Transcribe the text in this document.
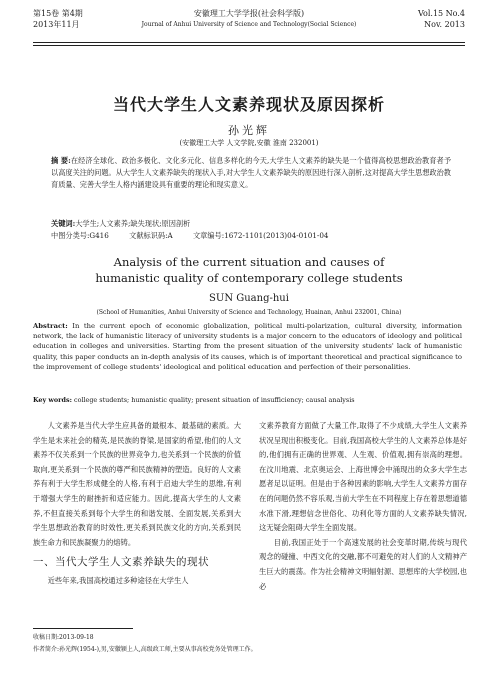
第15卷 第4期
2013年11月
安徽理工大学学报(社会科学版)
Journal of Anhui University of Science and Technology(Social Science)
Vol.15 No.4
Nov. 2013
当代大学生人文素养现状及原因探析
孙光辉
(安徽理工大学 人文学院,安徽 淮南 232001)
摘 要:在经济全球化、政治多极化、文化多元化、信息多样化的今天,大学生人文素养的缺失是一个值得高校思想政治教育者予以高度关注的问题。从大学生人文素养缺失的现状入手,对大学生人文素养缺失的原因进行深入剖析,这对提高大学生思想政治教育质量、完善大学生人格内涵建设具有重要的理论和现实意义。
关键词:大学生;人文素养;缺失现状;原因剖析
中图分类号:G416	文献标识码:A	文章编号:1672-1101(2013)04-0101-04
Analysis of the current situation and causes of
humanistic quality of contemporary college students
SUN Guang-hui
(School of Humanities, Anhui University of Science and Technology, Huainan, Anhui 232001, China)
Abstract: In the current epoch of economic globalization, political multi-polarization, cultural diversity, information network, the lack of humanistic literacy of university students is a major concern to the educators of ideology and political education in colleges and universities. Starting from the present situation of the university students' lack of humanistic quality, this paper conducts an in-depth analysis of its causes, which is of important theoretical and practical significance to the improvement of college students' ideological and political education and perfection of their personalities.
Key words: college students; humanistic quality; present situation of insufficiency; causal analysis

人文素养是当代大学生应具备的最根本、最基础的素质。大学生是未来社会的精英,是民族的脊梁,是国家的希望,他们的人文素养不仅关系到一个民族的世界竞争力,也关系到一个民族的价值取向,更关系到一个民族的尊严和民族精神的塑造。良好的人文素养有利于大学生形成健全的人格,有利于启迪大学生的思维,有利于增强大学生的耐挫折和适应能力。因此,提高大学生的人文素养,不但直接关系到每个大学生的和谐发展、全面发展,关系到大学生思想政治教育的时效性,更关系到民族文化的方向,关系到民族生命力和民族凝聚力的熔铸。

一、当代大学生人文素养缺失的现状

近些年来,我国高校通过多种途径在大学生人

文素养教育方面做了大量工作,取得了不少成绩,大学生人文素养状况呈现出积极变化。目前,我国高校大学生的人文素养总体是好的,他们拥有正确的世界观、人生观、价值观,拥有崇高的理想。在汶川地震、北京奥运会、上海世博会中涌现出的众多大学生志愿者足以证明。但是由于各种因素的影响,大学生人文素养方面存在的问题仍然不容乐观,当前大学生在不同程度上存在着思想道德水准下滑,理想信念世俗化、功利化等方面的人文素养缺失情况,这无疑会阻碍大学生全面发展。

目前,我国正处于一个高速发展的社会变革时期,传统与现代观念的碰撞、中西文化的交融,都不可避免的对人们的人文精神产生巨大的震荡。作为社会精神文明辐射源、思想库的大学校园,也必

收稿日期:2013-09-18
作者简介:孙光辉(1954-),男,安徽颍上人,高级政工师,主要从事高校党务处管理工作。
